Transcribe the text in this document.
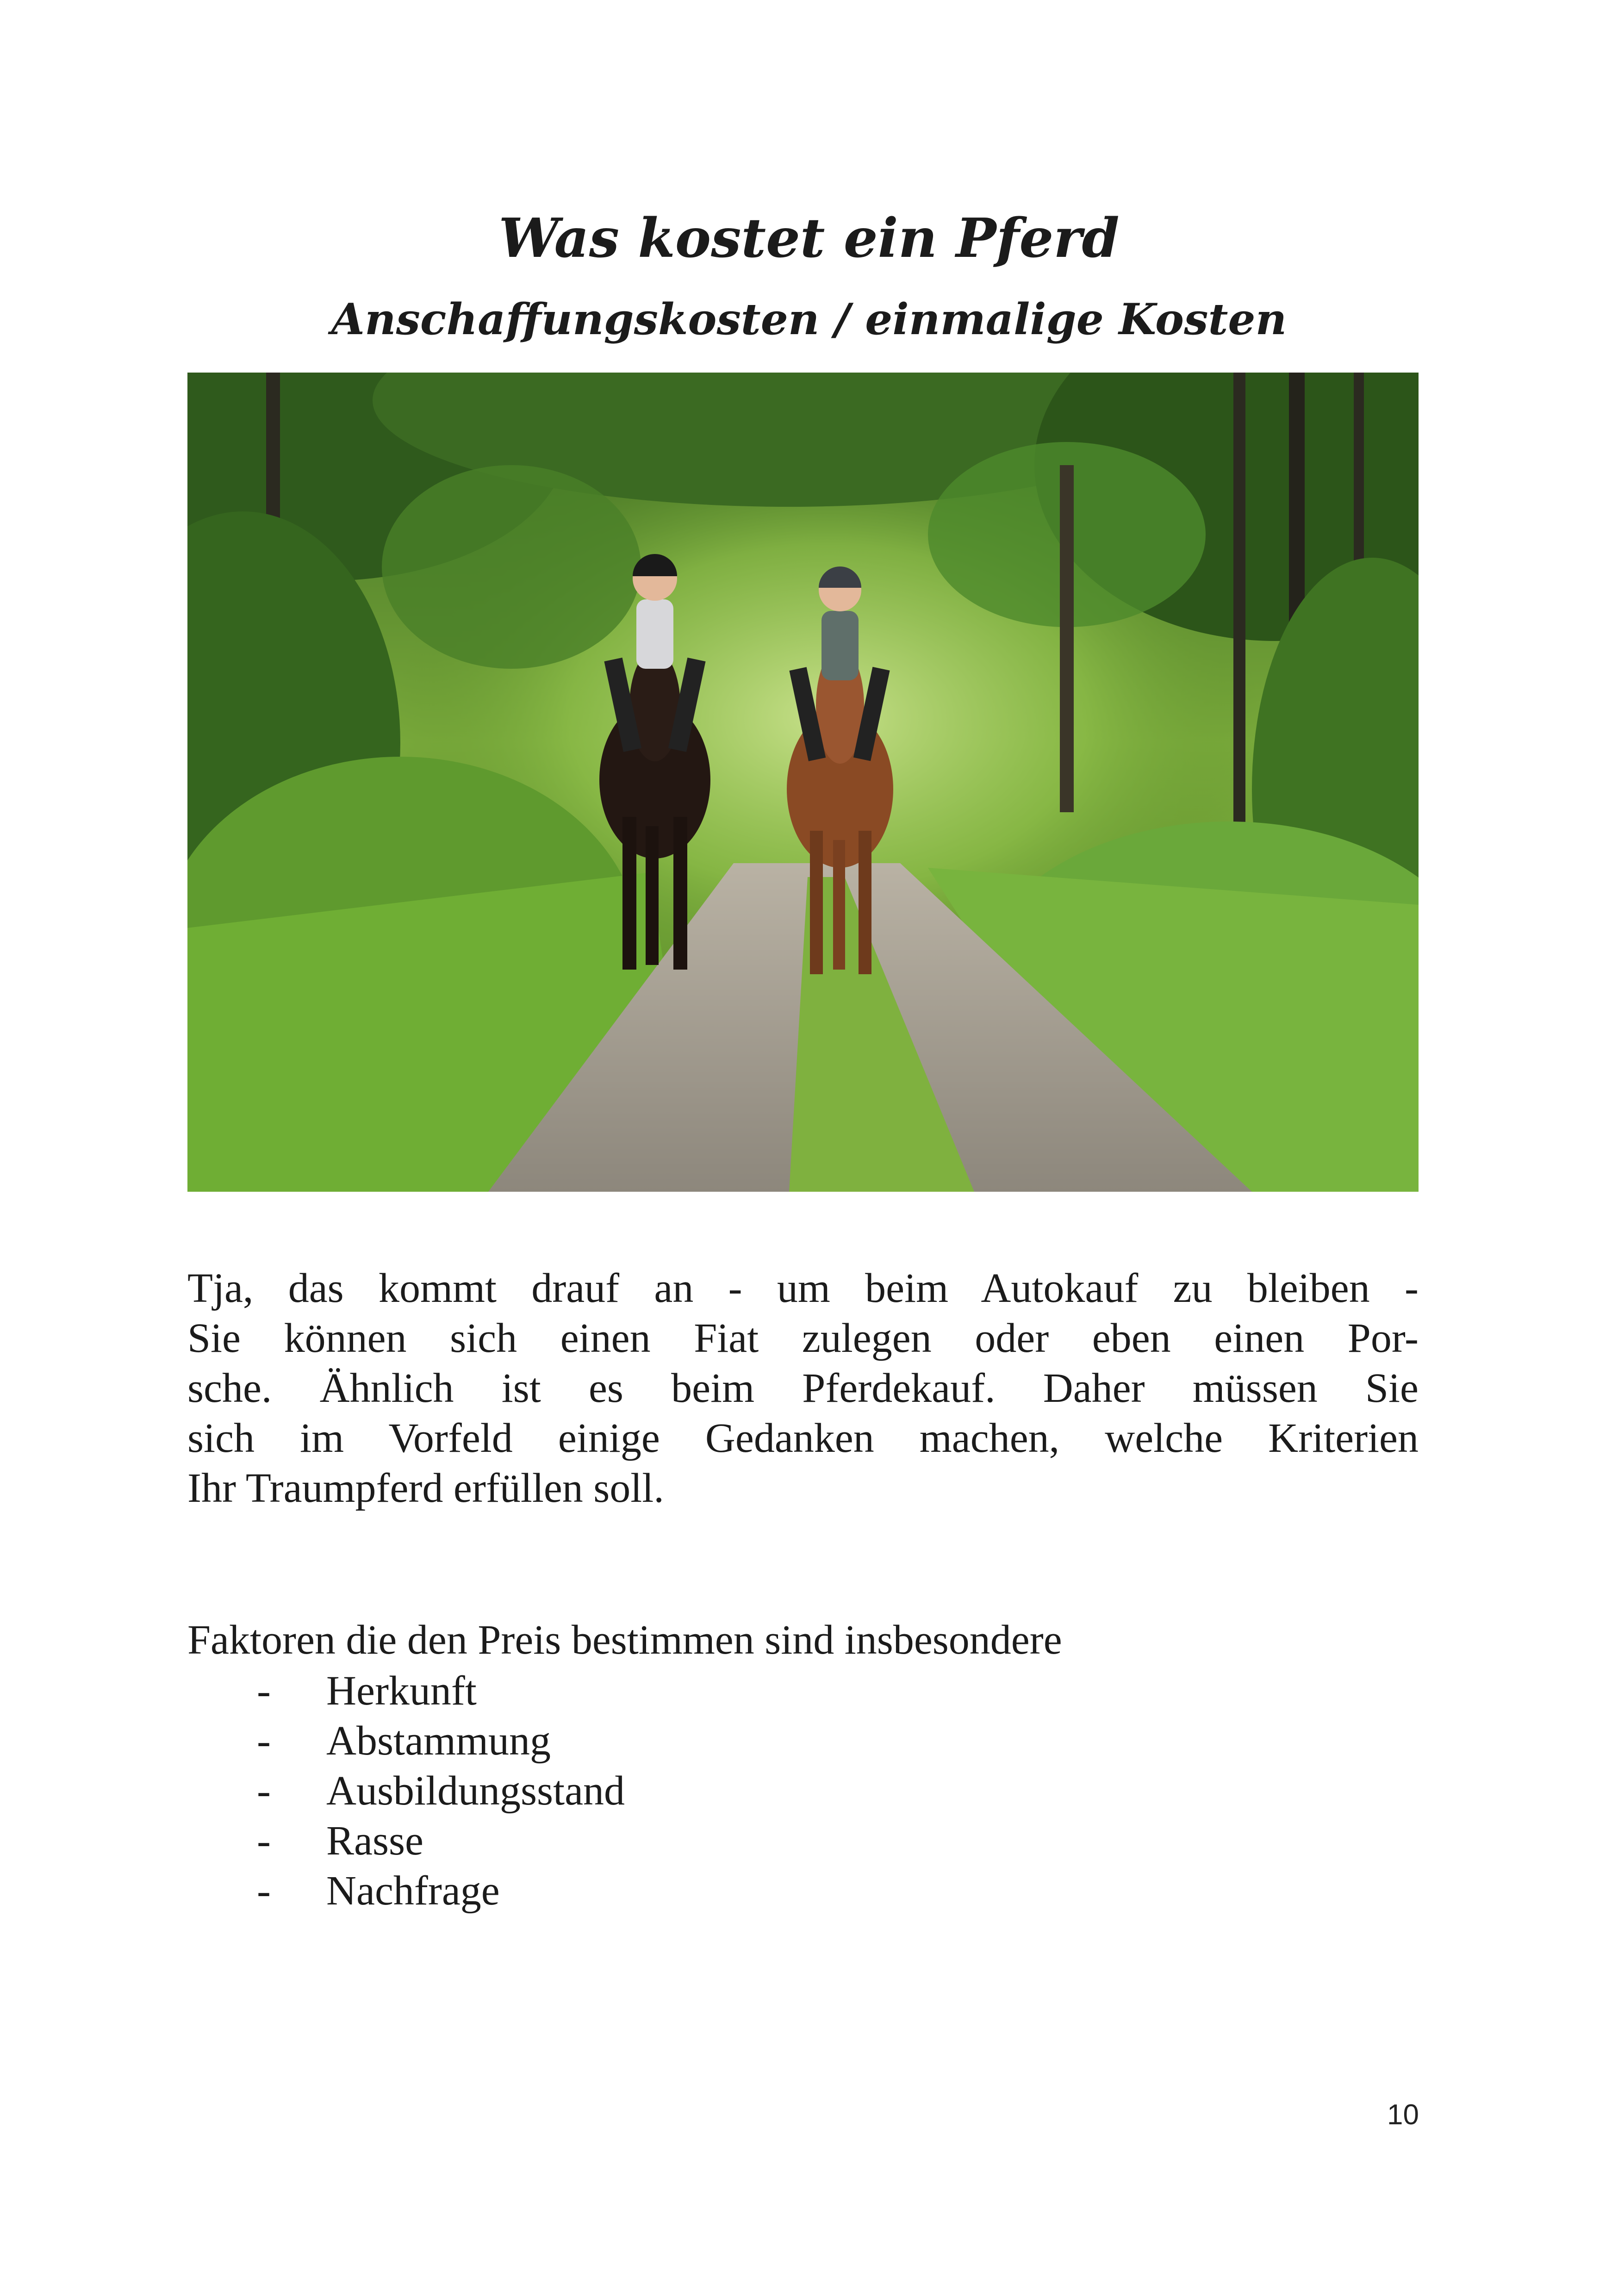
Was kostet ein Pferd
Anschaffungskosten / einmalige Kosten

Tja, das kommt drauf an - um beim Autokauf zu bleiben -
Sie können sich einen Fiat zulegen oder eben einen Por-
sche. Ähnlich ist es beim Pferdekauf. Daher müssen Sie
sich im Vorfeld einige Gedanken machen, welche Kriterien
Ihr Traumpferd erfüllen soll.

Faktoren die den Preis bestimmen sind insbesondere

- Herkunft
- Abstammung
- Ausbildungsstand
- Rasse
- Nachfrage
10
